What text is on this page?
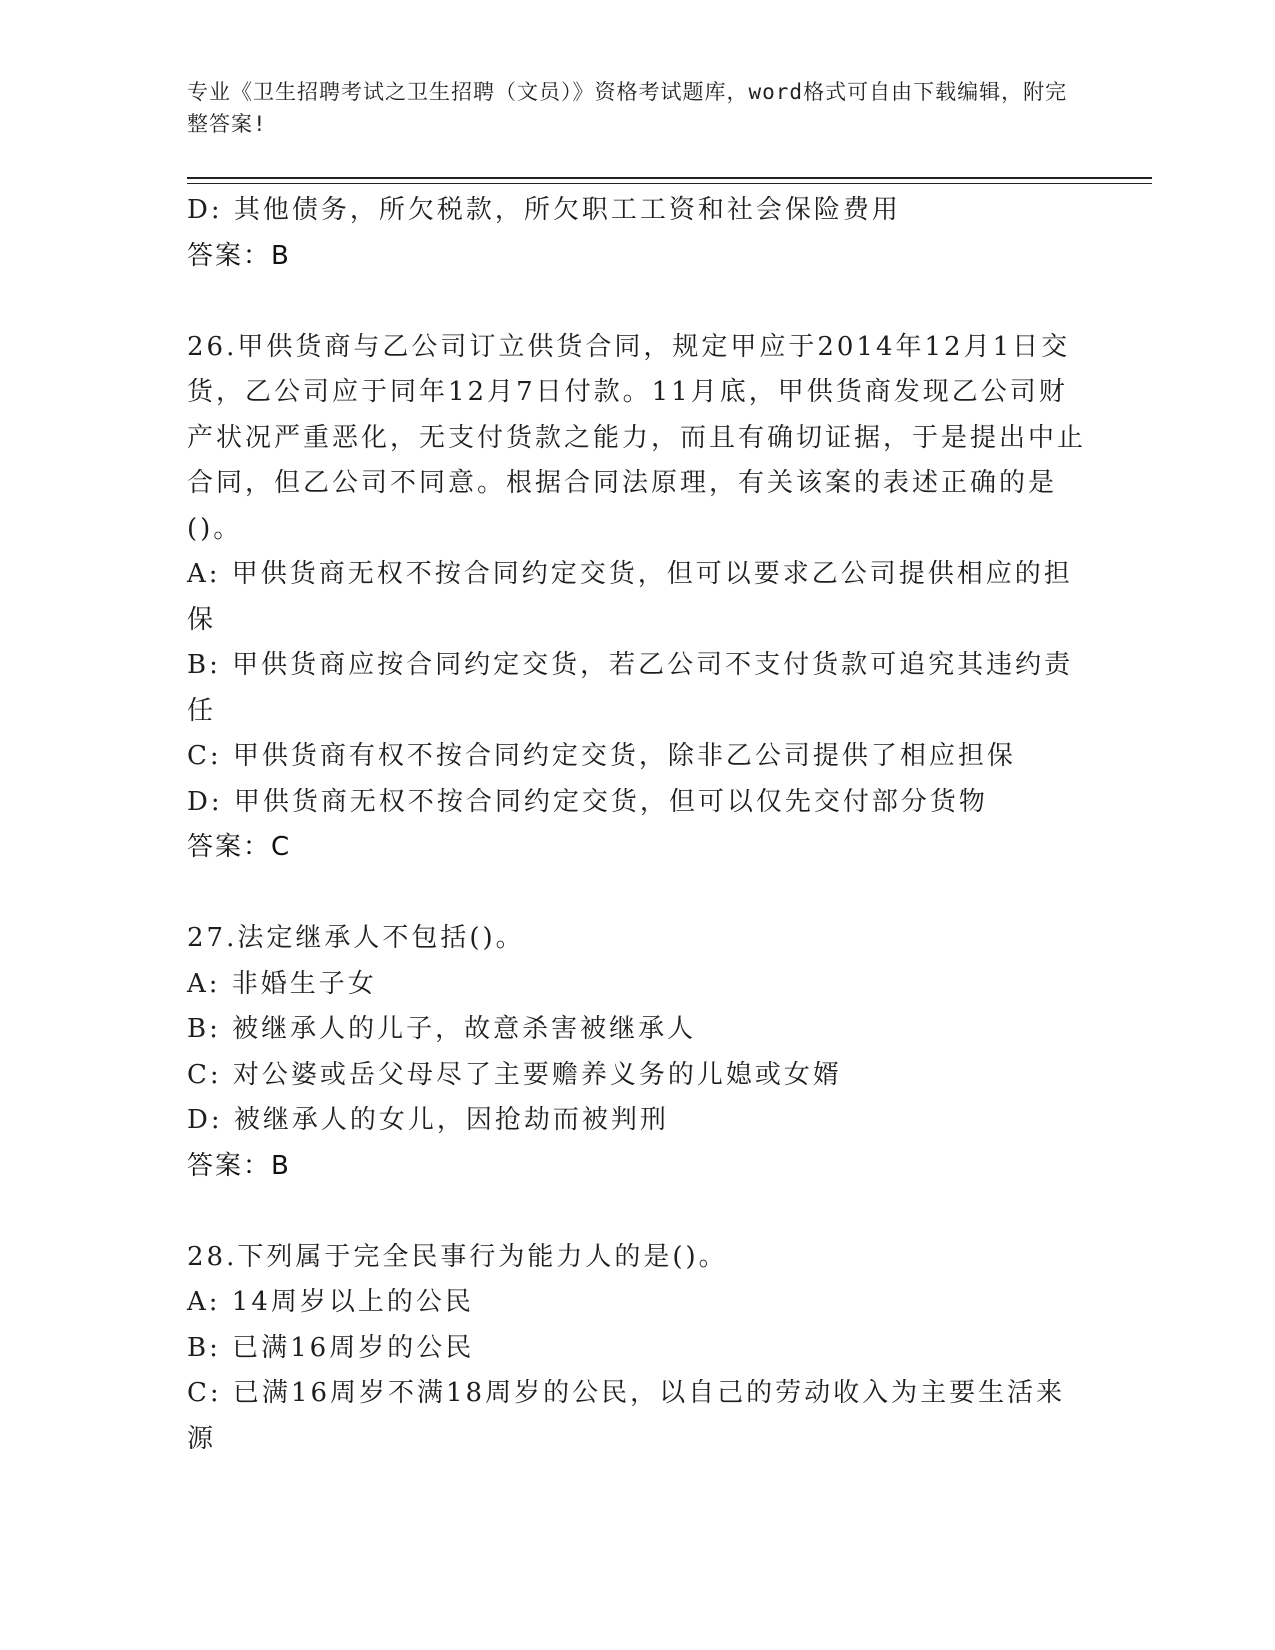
专业《卫生招聘考试之卫生招聘（文员）》资格考试题库，word格式可自由下载编辑，附完整答案!
D: 其他债务，所欠税款，所欠职工工资和社会保险费用
答案：B
26.甲供货商与乙公司订立供货合同，规定甲应于2014年12月1日交货，乙公司应于同年12月7日付款。11月底，甲供货商发现乙公司财产状况严重恶化，无支付货款之能力，而且有确切证据，于是提出中止合同，但乙公司不同意。根据合同法原理，有关该案的表述正确的是()。
A: 甲供货商无权不按合同约定交货，但可以要求乙公司提供相应的担保
B: 甲供货商应按合同约定交货，若乙公司不支付货款可追究其违约责任
C: 甲供货商有权不按合同约定交货，除非乙公司提供了相应担保
D: 甲供货商无权不按合同约定交货，但可以仅先交付部分货物
答案：C
27.法定继承人不包括()。
A: 非婚生子女
B: 被继承人的儿子，故意杀害被继承人
C: 对公婆或岳父母尽了主要赡养义务的儿媳或女婿
D: 被继承人的女儿，因抢劫而被判刑
答案：B
28.下列属于完全民事行为能力人的是()。
A: 14周岁以上的公民
B: 已满16周岁的公民
C: 已满16周岁不满18周岁的公民，以自己的劳动收入为主要生活来源
